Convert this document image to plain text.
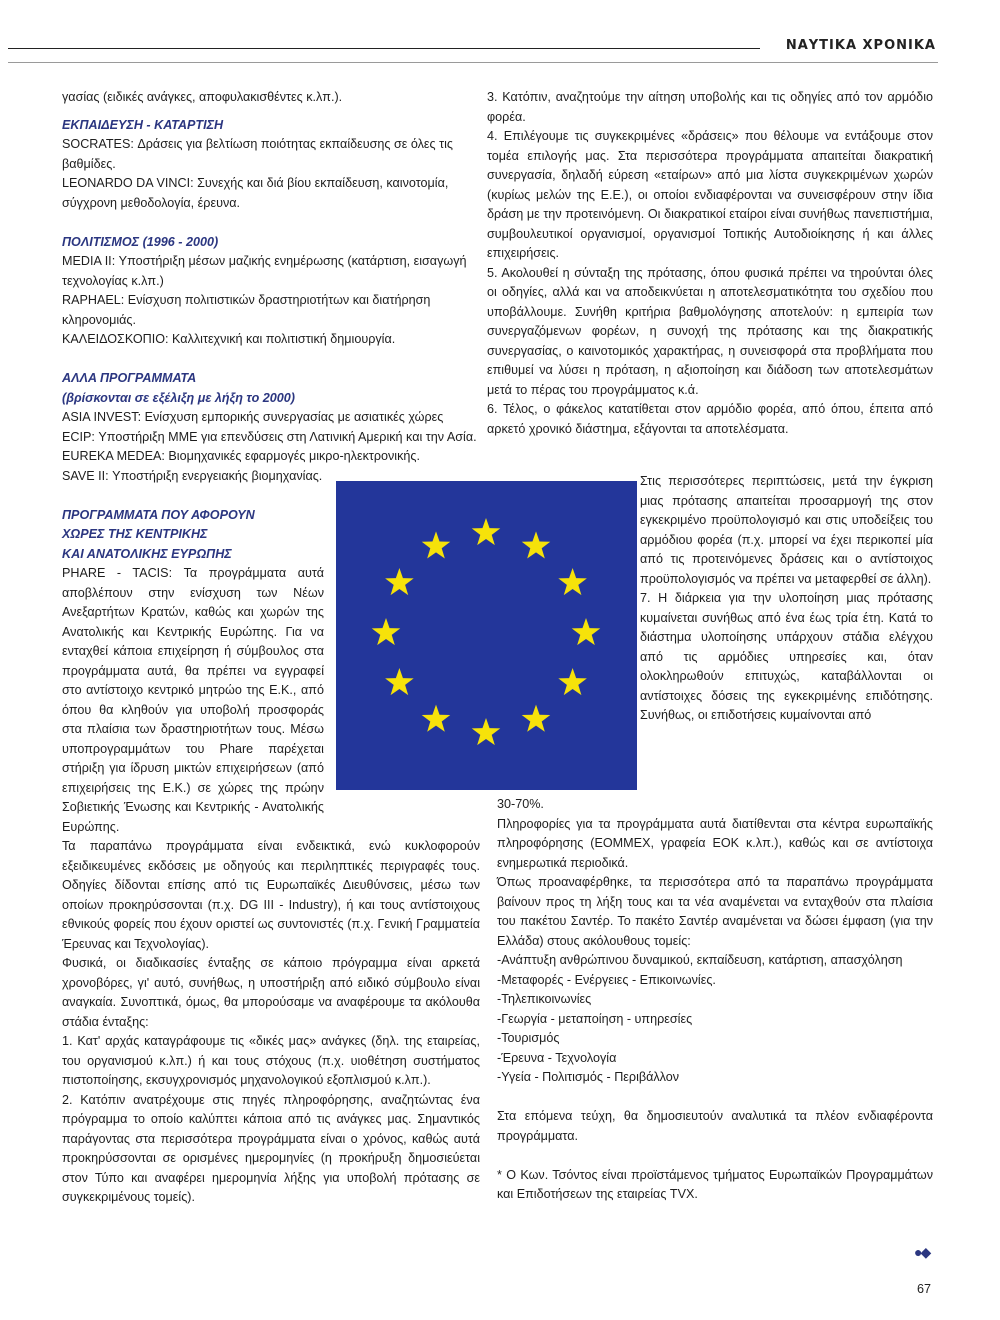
ΝΑΥΤΙΚΑ ΧΡΟΝΙΚΑ

γασίας (ειδικές ανάγκες, αποφυλακισθέντες κ.λπ.).

ΕΚΠΑΙΔΕΥΣΗ - ΚΑΤΑΡΤΙΣΗ

SOCRATES: Δράσεις για βελτίωση ποιότητας εκπαίδευσης σε όλες τις βαθμίδες.

LEONARDO DA VINCI: Συνεχής και διά βίου εκπαίδευση, καινοτομία, σύγχρονη μεθοδολογία, έρευνα.

ΠΟΛΙΤΙΣΜΟΣ (1996 - 2000)

MEDIA II: Υποστήριξη μέσων μαζικής ενημέρωσης (κατάρτιση, εισαγωγή τεχνολογίας κ.λπ.)

RAPHAEL: Ενίσχυση πολιτιστικών δραστηριοτήτων και διατήρηση κληρονομιάς.

ΚΑΛΕΙΔΟΣΚΟΠΙΟ: Καλλιτεχνική και πολιτιστική δημιουργία.

ΑΛΛΑ ΠΡΟΓΡΑΜΜΑΤΑ

(βρίσκονται σε εξέλιξη με λήξη το 2000)

ASIA INVEST: Ενίσχυση εμπορικής συνεργασίας με ασιατικές χώρες

ECIP: Υποστήριξη ΜΜΕ για επενδύσεις στη Λατινική Αμερική και την Ασία.

EUREKA MEDEA: Βιομηχανικές εφαρμογές μικρο-ηλεκτρονικής.

SAVE II: Υποστήριξη ενεργειακής βιομηχανίας.

ΠΡΟΓΡΑΜΜΑΤΑ ΠΟΥ ΑΦΟΡΟΥΝ

ΧΩΡΕΣ ΤΗΣ ΚΕΝΤΡΙΚΗΣ

ΚΑΙ ΑΝΑΤΟΛΙΚΗΣ ΕΥΡΩΠΗΣ

PHARE - TACIS: Τα προγράμματα αυτά αποβλέπουν στην ενίσχυση των Νέων Ανεξαρτήτων Κρατών, καθώς και χωρών της Ανατολικής και Κεντρικής Ευρώπης. Για να ενταχθεί κάποια επιχείρηση ή σύμβουλος στα προγράμματα αυτά, θα πρέπει να εγγραφεί στο αντίστοιχο κεντρικό μητρώο της Ε.Κ., από όπου θα κληθούν για υποβολή προσφοράς στα πλαίσια των δραστηριοτήτων τους. Μέσω υποπρογραμμάτων του Phare παρέχεται στήριξη για ίδρυση μικτών επιχειρήσεων (από επιχειρήσεις της Ε.Κ.) σε χώρες της πρώην Σοβιετικής Ένωσης και Κεντρικής - Ανατολικής Ευρώπης.

Τα παραπάνω προγράμματα είναι ενδεικτικά, ενώ κυκλοφορούν εξειδικευμένες εκδόσεις με οδηγούς και περιληπτικές περιγραφές τους. Οδηγίες δίδονται επίσης από τις Ευρωπαϊκές Διευθύνσεις, μέσω των οποίων προκηρύσσονται (π.χ. DG III - Industry), ή και τους αντίστοιχους εθνικούς φορείς που έχουν οριστεί ως συντονιστές (π.χ. Γενική Γραμματεία Έρευνας και Τεχνολογίας).

Φυσικά, οι διαδικασίες ένταξης σε κάποιο πρόγραμμα είναι αρκετά χρονοβόρες, γι' αυτό, συνήθως, η υποστήριξη από ειδικό σύμβουλο είναι αναγκαία. Συνοπτικά, όμως, θα μπορούσαμε να αναφέρουμε τα ακόλουθα στάδια ένταξης:

1. Κατ' αρχάς καταγράφουμε τις «δικές μας» ανάγκες (δηλ. της εταιρείας, του οργανισμού κ.λπ.) ή και τους στόχους (π.χ. υιοθέτηση συστήματος πιστοποίησης, εκσυγχρονισμός μηχανολογικού εξοπλισμού κ.λπ.).

2. Κατόπιν ανατρέχουμε στις πηγές πληροφόρησης, αναζητώντας ένα πρόγραμμα το οποίο καλύπτει κάποια από τις ανάγκες μας. Σημαντικός παράγοντας στα περισσότερα προγράμματα είναι ο χρόνος, καθώς αυτά προκηρύσσονται σε ορισμένες ημερομηνίες (η προκήρυξη δημοσιεύεται στον Τύπο και αναφέρει ημερομηνία λήξης για υποβολή πρότασης σε συγκεκριμένους τομείς).

3. Κατόπιν, αναζητούμε την αίτηση υποβολής και τις οδηγίες από τον αρμόδιο φορέα.

4. Επιλέγουμε τις συγκεκριμένες «δράσεις» που θέλουμε να εντάξουμε στον τομέα επιλογής μας. Στα περισσότερα προγράμματα απαιτείται διακρατική συνεργασία, δηλαδή εύρεση «εταίρων» από μια λίστα συγκεκριμένων χωρών (κυρίως μελών της Ε.Ε.), οι οποίοι ενδιαφέρονται να συνεισφέρουν στην ίδια δράση με την προτεινόμενη. Οι διακρατικοί εταίροι είναι συνήθως πανεπιστήμια, συμβουλευτικοί οργανισμοί, οργανισμοί Τοπικής Αυτοδιοίκησης ή και άλλες επιχειρήσεις.

5. Ακολουθεί η σύνταξη της πρότασης, όπου φυσικά πρέπει να τηρούνται όλες οι οδηγίες, αλλά και να αποδεικνύεται η αποτελεσματικότητα του σχεδίου που υποβάλλουμε. Συνήθη κριτήρια βαθμολόγησης αποτελούν: η εμπειρία των συνεργαζόμενων φορέων, η συνοχή της πρότασης και της διακρατικής συνεργασίας, ο καινοτομικός χαρακτήρας, η συνεισφορά στα προβλήματα που επιθυμεί να λύσει η πρόταση, η αξιοποίηση και διάδοση των αποτελεσμάτων μετά το πέρας του προγράμματος κ.ά.

6. Τέλος, ο φάκελος κατατίθεται στον αρμόδιο φορέα, από όπου, έπειτα από αρκετό χρονικό διάστημα, εξάγονται τα αποτελέσματα.

Στις περισσότερες περιπτώσεις, μετά την έγκριση μιας πρότασης απαιτείται προσαρμογή της στον εγκεκριμένο προϋπολογισμό και στις υποδείξεις του αρμόδιου φορέα (π.χ. μπορεί να έχει περικοπεί μία από τις προτεινόμενες δράσεις και ο αντίστοιχος προϋπολογισμός να πρέπει να μεταφερθεί σε άλλη).

7. Η διάρκεια για την υλοποίηση μιας πρότασης κυμαίνεται συνήθως από ένα έως τρία έτη. Κατά το διάστημα υλοποίησης υπάρχουν στάδια ελέγχου από τις αρμόδιες υπηρεσίες και, όταν ολοκληρωθούν επιτυχώς, καταβάλλονται οι αντίστοιχες δόσεις της εγκεκριμένης επιδότησης. Συνήθως, οι επιδοτήσεις κυμαίνονται από

30-70%.

Πληροφορίες για τα προγράμματα αυτά διατίθενται στα κέντρα ευρωπαϊκής πληροφόρησης (ΕΟΜΜΕΧ, γραφεία ΕΟΚ κ.λπ.), καθώς και σε αντίστοιχα ενημερωτικά περιοδικά.

Όπως προαναφέρθηκε, τα περισσότερα από τα παραπάνω προγράμματα βαίνουν προς τη λήξη τους και τα νέα αναμένεται να ενταχθούν στα πλαίσια του πακέτου Σαντέρ. Το πακέτο Σαντέρ αναμένεται να δώσει έμφαση (για την Ελλάδα) στους ακόλουθους τομείς:

-Ανάπτυξη ανθρώπινου δυναμικού, εκπαίδευση, κατάρτιση, απασχόληση

-Μεταφορές - Ενέργειες - Επικοινωνίες.

-Τηλεπικοινωνίες

-Γεωργία - μεταποίηση - υπηρεσίες

-Τουρισμός

-Έρευνα - Τεχνολογία

-Υγεία - Πολιτισμός - Περιβάλλον

Στα επόμενα τεύχη, θα δημοσιευτούν αναλυτικά τα πλέον ενδιαφέροντα προγράμματα.

* Ο Κων. Τσόντος είναι προϊστάμενος τμήματος Ευρωπαϊκών Προγραμμάτων και Επιδοτήσεων της εταιρείας TVX.

●◆
67
